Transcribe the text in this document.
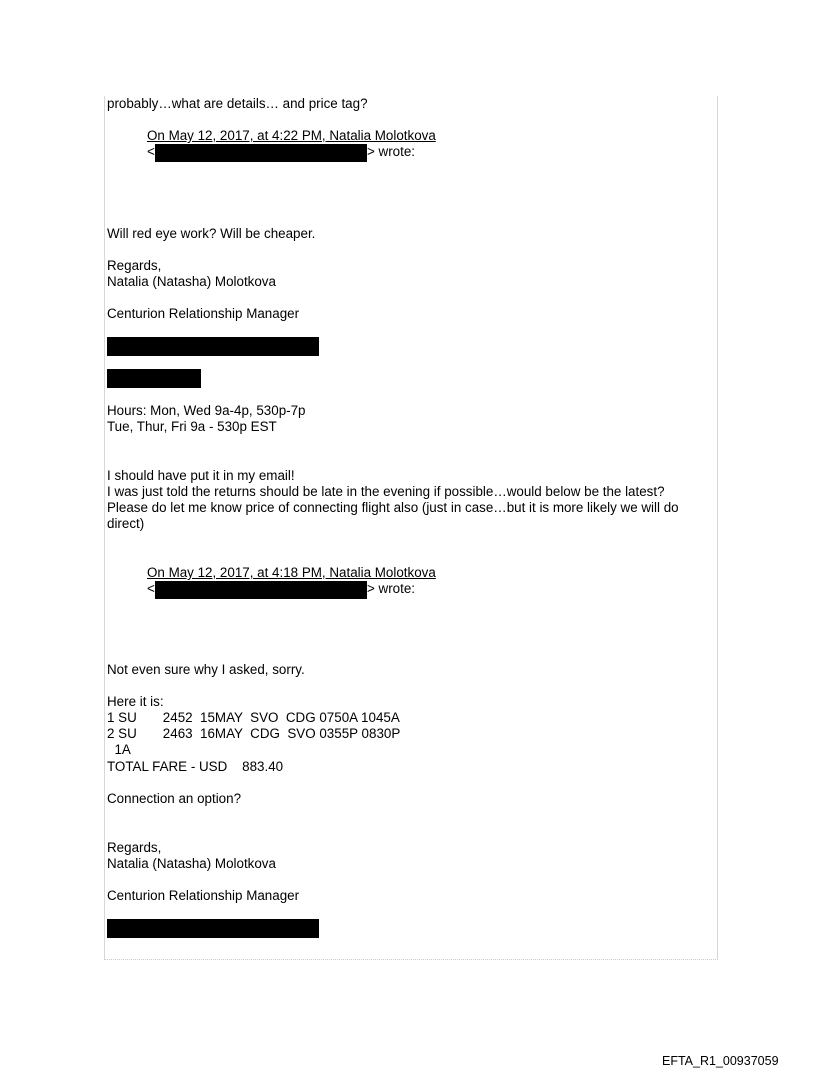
probably…what are details… and price tag?
On May 12, 2017, at 4:22 PM, Natalia Molotkova
<	> wrote:
Will red eye work? Will be cheaper.
Regards,
Natalia (Natasha) Molotkova
Centurion Relationship Manager
Hours: Mon, Wed 9a-4p, 530p-7p
Tue, Thur, Fri 9a - 530p EST
I should have put it in my email!
I was just told the returns should be late in the evening if possible…would below be the latest?
Please do let me know price of connecting flight also (just in case…but it is more likely we will do direct)
On May 12, 2017, at 4:18 PM, Natalia Molotkova
<	> wrote:
Not even sure why I asked, sorry.
Here it is:
1 SU       2452  15MAY  SVO  CDG 0750A 1045A
2 SU       2463  16MAY  CDG  SVO 0355P 0830P
1A
TOTAL FARE - USD    883.40
Connection an option?
Regards,
Natalia (Natasha) Molotkova
Centurion Relationship Manager
EFTA_R1_00937059
